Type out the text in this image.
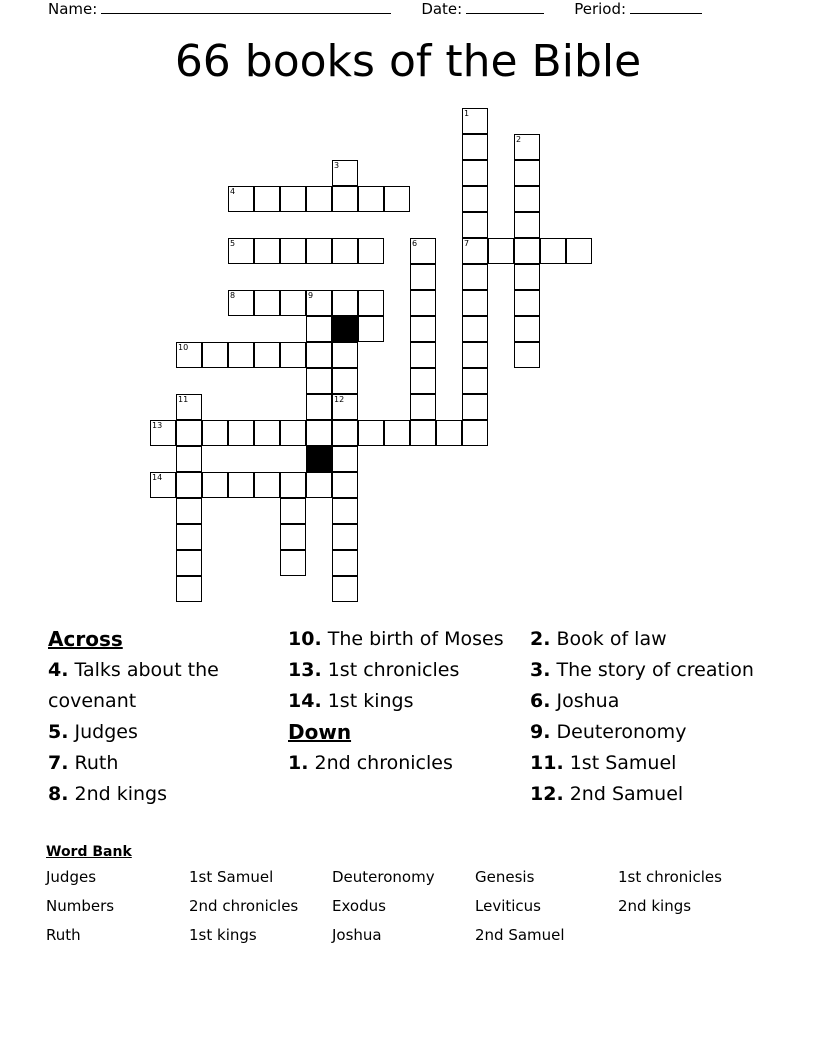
Name:	Date:	Period:
66 books of the Bible
1
2
3
4
5	6	7
8	9
10
11	12
13
14
Across
4. Talks about the covenant
5. Judges
7. Ruth
8. 2nd kings
10. The birth of Moses
13. 1st chronicles
14. 1st kings
Down
1. 2nd chronicles
2. Book of law
3. The story of creation
6. Joshua
9. Deuteronomy
11. 1st Samuel
12. 2nd Samuel
Word Bank
Judges	1st Samuel	Deuteronomy	Genesis	1st chronicles
Numbers	2nd chronicles	Exodus	Leviticus	2nd kings
Ruth	1st kings	Joshua	2nd Samuel
